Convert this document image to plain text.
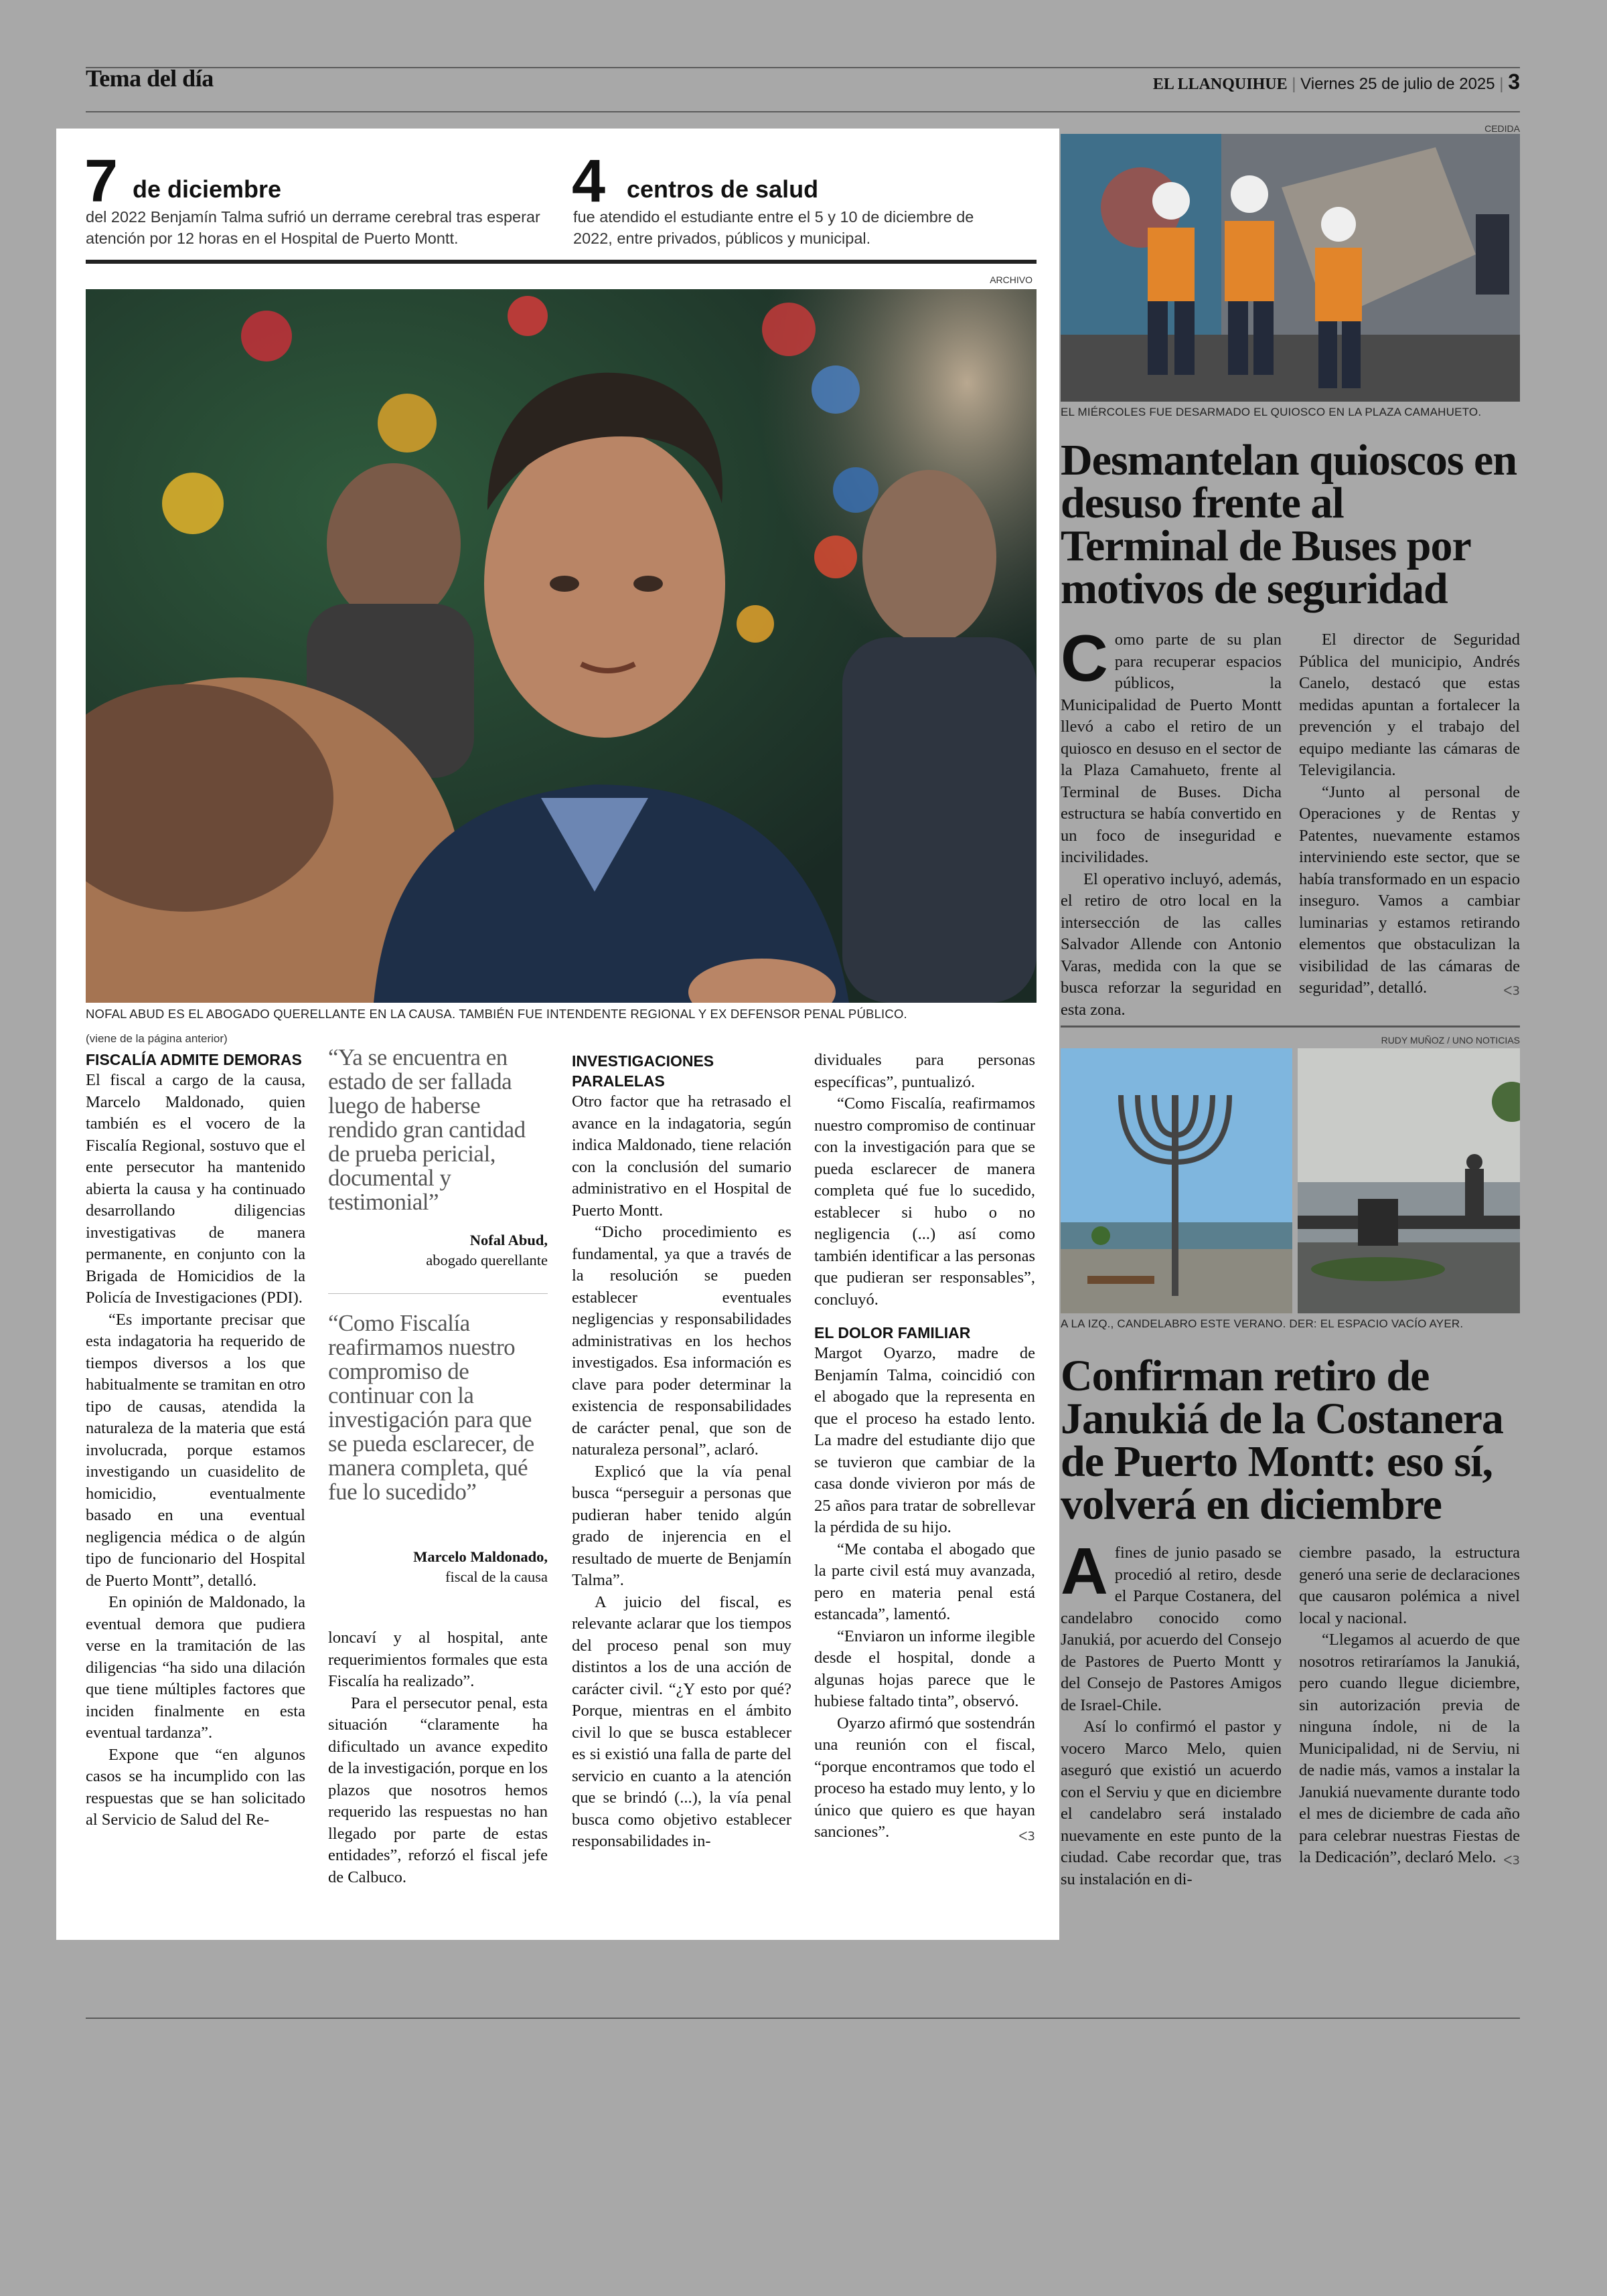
Tema del día	EL LLANQUIHUE | Viernes 25 de julio de 2025 | 3
7 de diciembre
del 2022 Benjamín Talma sufrió un derrame cerebral tras esperar atención por 12 horas en el Hospital de Puerto Montt.
4 centros de salud
fue atendido el estudiante entre el 5 y 10 de diciembre de 2022, entre privados, públicos y municipal.
ARCHIVO
NOFAL ABUD ES EL ABOGADO QUERELLANTE EN LA CAUSA. TAMBIÉN FUE INTENDENTE REGIONAL Y EX DEFENSOR PENAL PÚBLICO.
(viene de la página anterior)
FISCALÍA ADMITE DEMORAS

El fiscal a cargo de la causa, Marcelo Maldonado, quien también es el vocero de la Fiscalía Regional, sostuvo que el ente persecutor ha mantenido abierta la causa y ha continuado desarrollando diligencias investigativas de manera permanente, en conjunto con la Brigada de Homicidios de la Policía de Investigaciones (PDI).

“Es importante precisar que esta indagatoria ha requerido de tiempos diversos a los que habitualmente se tramitan en otro tipo de causas, atendida la naturaleza de la materia que está involucrada, porque estamos investigando un cuasidelito de homicidio, eventualmente basado en una eventual negligencia médica o de algún tipo de funcionario del Hospital de Puerto Montt”, detalló.

En opinión de Maldonado, la eventual demora que pudiera verse en la tramitación de las diligencias “ha sido una dilación que tiene múltiples factores que inciden finalmente en esta eventual tardanza”.

Expone que “en algunos casos se ha incumplido con las respuestas que se han solicitado al Servicio de Salud del Re-

“Ya se encuentra en estado de ser fallada luego de haberse rendido gran cantidad de prueba pericial, documental y testimonial”
Nofal Abud,
abogado querellante
“Como Fiscalía reafirmamos nuestro compromiso de continuar con la investigación para que se pueda esclarecer, de manera completa, qué fue lo sucedido”
Marcelo Maldonado,
fiscal de la causa

loncaví y al hospital, ante requerimientos formales que esta Fiscalía ha realizado”.

Para el persecutor penal, esta situación “claramente ha dificultado un avance expedito de la investigación, porque en los plazos que nosotros hemos requerido las respuestas no han llegado por parte de estas entidades”, reforzó el fiscal jefe de Calbuco.

INVESTIGACIONES PARALELAS

Otro factor que ha retrasado el avance en la indagatoria, según indica Maldonado, tiene relación con la conclusión del sumario administrativo en el Hospital de Puerto Montt.

“Dicho procedimiento es fundamental, ya que a través de la resolución se pueden establecer eventuales negligencias y responsabilidades administrativas en los hechos investigados. Esa información es clave para poder determinar la existencia de responsabilidades de carácter penal, que son de naturaleza personal”, aclaró.

Explicó que la vía penal busca “perseguir a personas que pudieran haber tenido algún grado de injerencia en el resultado de muerte de Benjamín Talma”.

A juicio del fiscal, es relevante aclarar que los tiempos del proceso penal son muy distintos a los de una acción de carácter civil. “¿Y esto por qué? Porque, mientras en el ámbito civil lo que se busca establecer es si existió una falla de parte del servicio en cuanto a la atención que se brindó (...), la vía penal busca como objetivo establecer responsabilidades in-

dividuales para personas específicas”, puntualizó.

“Como Fiscalía, reafirmamos nuestro compromiso de continuar con la investigación para que se pueda esclarecer de manera completa qué fue lo sucedido, establecer si hubo o no negligencia (...) así como también identificar a las personas que pudieran ser responsables”, concluyó.

EL DOLOR FAMILIAR

Margot Oyarzo, madre de Benjamín Talma, coincidió con el abogado que la representa en que el proceso ha estado lento. La madre del estudiante dijo que se tuvieron que cambiar de la casa donde vivieron por más de 25 años para tratar de sobrellevar la pérdida de su hijo.

“Me contaba el abogado que la parte civil está muy avanzada, pero en materia penal está estancada”, lamentó.

“Enviaron un informe ilegible desde el hospital, donde a algunas hojas parece que le hubiese faltado tinta”, observó.

Oyarzo afirmó que sostendrán una reunión con el fiscal, “porque encontramos que todo el proceso ha estado muy lento, y lo único que quiero es que hayan sanciones”.	ᐸ3
CEDIDA
EL MIÉRCOLES FUE DESARMADO EL QUIOSCO EN LA PLAZA CAMAHUETO.
Desmantelan quioscos en desuso frente al Terminal de Buses por motivos de seguridad
C omo parte de su plan para recuperar espacios públicos, la Municipalidad de Puerto Montt llevó a cabo el retiro de un quiosco en desuso en el sector de la Plaza Camahueto, frente al Terminal de Buses. Dicha estructura se había convertido en un foco de inseguridad e incivilidades.

El operativo incluyó, además, el retiro de otro local en la intersección de las calles Salvador Allende con Antonio Varas, medida con la que se busca reforzar la seguridad en esta zona.

El director de Seguridad Pública del municipio, Andrés Canelo, destacó que estas medidas apuntan a fortalecer la prevención y el trabajo del equipo mediante las cámaras de Televigilancia.

“Junto al personal de Operaciones y de Rentas y Patentes, nuevamente estamos interviniendo este sector, que se había transformado en un espacio inseguro. Vamos a cambiar luminarias y estamos retirando elementos que obstaculizan la visibilidad de las cámaras de seguridad”, detalló.	ᐸ3
RUDY MUÑOZ / UNO NOTICIAS
A LA IZQ., CANDELABRO ESTE VERANO. DER: EL ESPACIO VACÍO AYER.
Confirman retiro de Janukiá de la Costanera de Puerto Montt: eso sí, volverá en diciembre
A fines de junio pasado se procedió al retiro, desde el Parque Costanera, del candelabro conocido como Janukiá, por acuerdo del Consejo de Pastores de Puerto Montt y del Consejo de Pastores Amigos de Israel-Chile.

Así lo confirmó el pastor y vocero Marco Melo, quien aseguró que existió un acuerdo con el Serviu y que en diciembre el candelabro será instalado nuevamente en este punto de la ciudad. Cabe recordar que, tras su instalación en di-

ciembre pasado, la estructura generó una serie de declaraciones que causaron polémica a nivel local y nacional.

“Llegamos al acuerdo de que nosotros retiraríamos la Janukiá, pero cuando llegue diciembre, sin autorización previa de ninguna índole, ni de la Municipalidad, ni de Serviu, ni de nadie más, vamos a instalar la Janukiá nuevamente durante todo el mes de diciembre de cada año para celebrar nuestras Fiestas de la Dedicación”, declaró Melo. ᐸ3
